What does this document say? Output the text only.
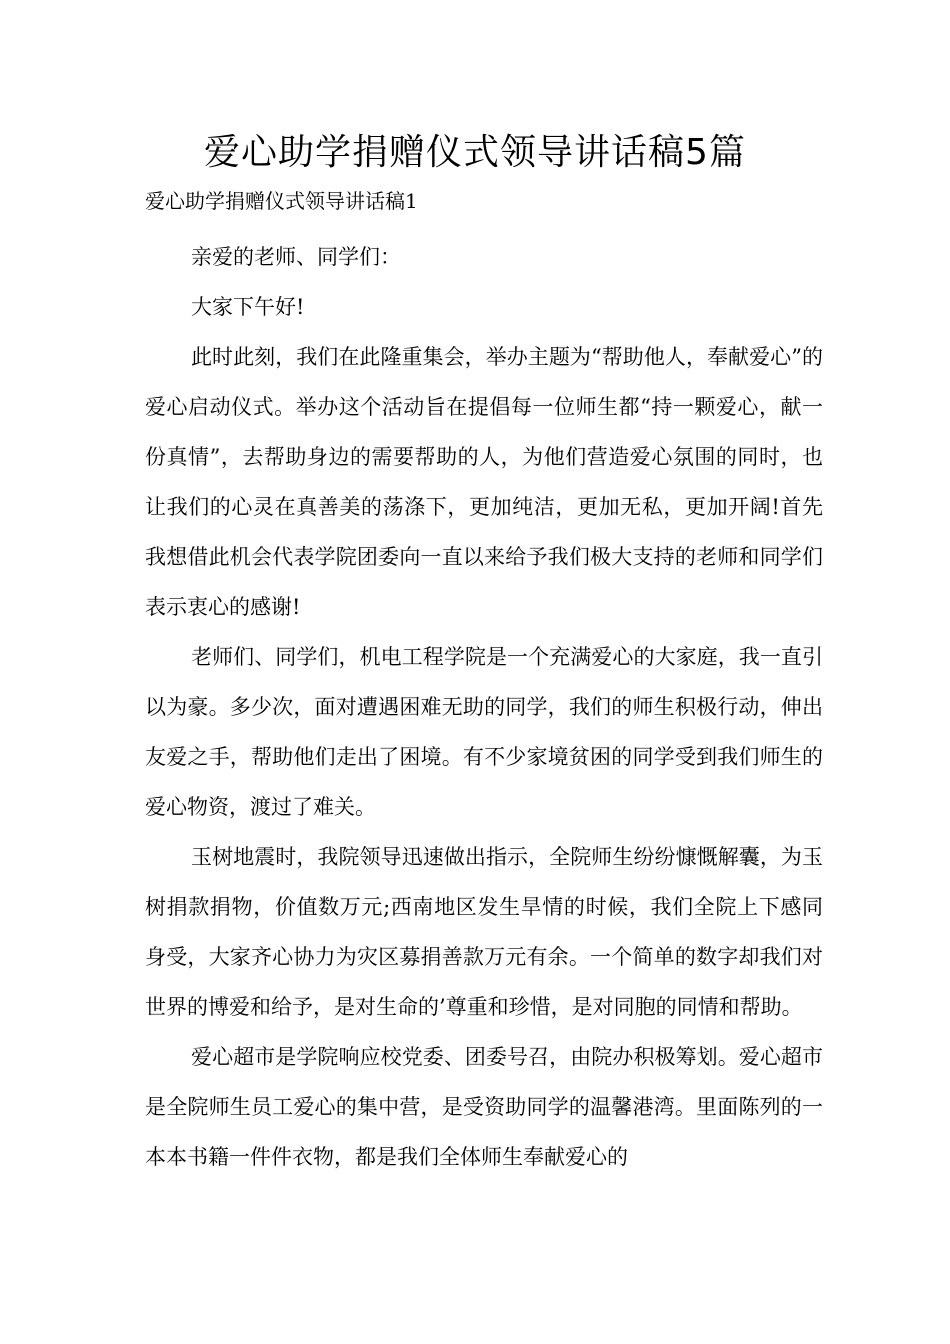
爱心助学捐赠仪式领导讲话稿5篇

爱心助学捐赠仪式领导讲话稿1

亲爱的老师、同学们：

大家下午好!

此时此刻，我们在此隆重集会，举办主题为“帮助他人，奉献爱心”的爱心启动仪式。举办这个活动旨在提倡每一位师生都“持一颗爱心，献一份真情”，去帮助身边的需要帮助的人，为他们营造爱心氛围的同时，也让我们的心灵在真善美的荡涤下，更加纯洁，更加无私，更加开阔!首先我想借此机会代表学院团委向一直以来给予我们极大支持的老师和同学们表示衷心的感谢!

老师们、同学们，机电工程学院是一个充满爱心的大家庭，我一直引以为豪。多少次，面对遭遇困难无助的同学，我们的师生积极行动，伸出友爱之手，帮助他们走出了困境。有不少家境贫困的同学受到我们师生的爱心物资，渡过了难关。

玉树地震时，我院领导迅速做出指示，全院师生纷纷慷慨解囊，为玉树捐款捐物，价值数万元;西南地区发生旱情的时候，我们全院上下感同身受，大家齐心协力为灾区募捐善款万元有余。一个简单的数字却我们对世界的博爱和给予，是对生命的’尊重和珍惜，是对同胞的同情和帮助。

爱心超市是学院响应校党委、团委号召，由院办积极筹划。爱心超市是全院师生员工爱心的集中营，是受资助同学的温馨港湾。里面陈列的一本本书籍一件件衣物，都是我们全体师生奉献爱心的
